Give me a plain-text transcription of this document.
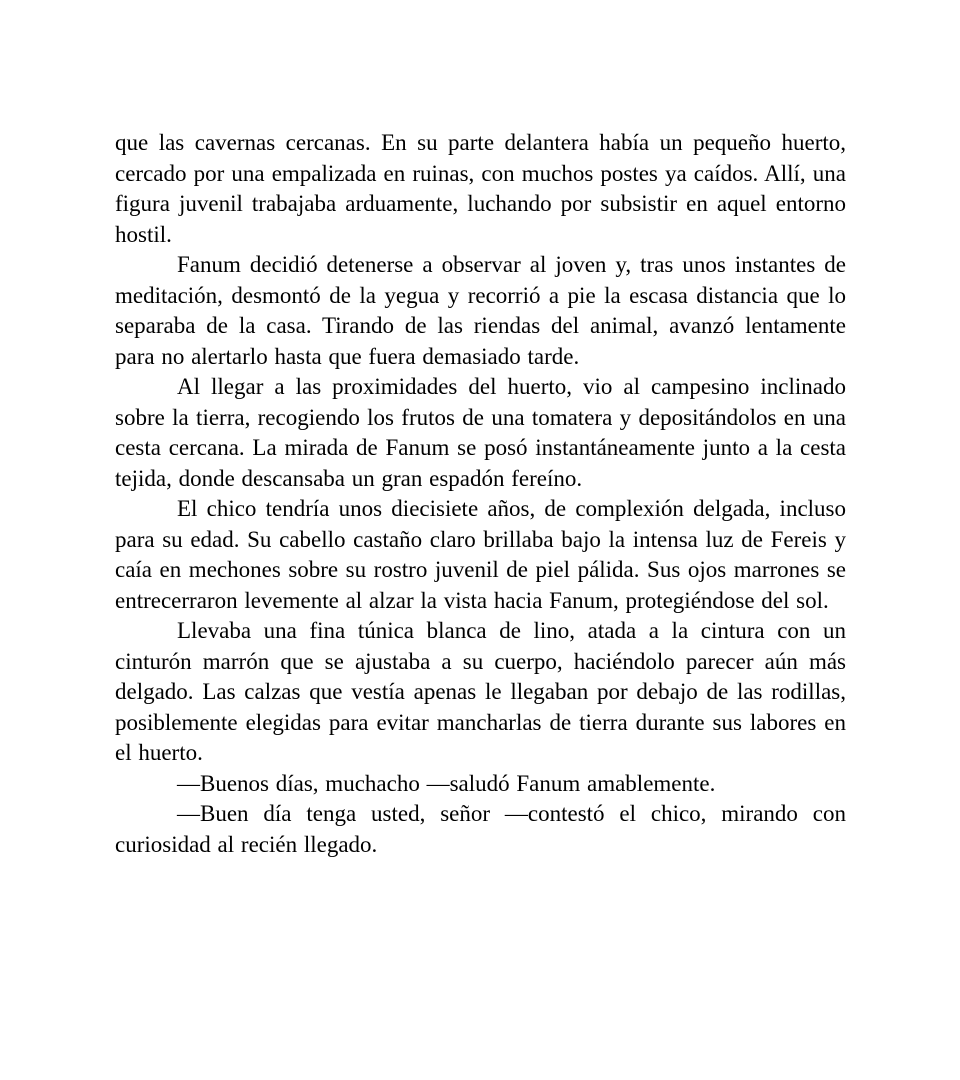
que las cavernas cercanas. En su parte delantera había un pequeño huerto, cercado por una empalizada en ruinas, con muchos postes ya caídos. Allí, una figura juvenil trabajaba arduamente, luchando por subsistir en aquel entorno hostil.

Fanum decidió detenerse a observar al joven y, tras unos instantes de meditación, desmontó de la yegua y recorrió a pie la escasa distancia que lo separaba de la casa. Tirando de las riendas del animal, avanzó lentamente para no alertarlo hasta que fuera demasiado tarde.

Al llegar a las proximidades del huerto, vio al campesino inclinado sobre la tierra, recogiendo los frutos de una tomatera y depositándolos en una cesta cercana. La mirada de Fanum se posó instantáneamente junto a la cesta tejida, donde descansaba un gran espadón fereíno.

El chico tendría unos diecisiete años, de complexión delgada, incluso para su edad. Su cabello castaño claro brillaba bajo la intensa luz de Fereis y caía en mechones sobre su rostro juvenil de piel pálida. Sus ojos marrones se entrecerraron levemente al alzar la vista hacia Fanum, protegiéndose del sol.

Llevaba una fina túnica blanca de lino, atada a la cintura con un cinturón marrón que se ajustaba a su cuerpo, haciéndolo parecer aún más delgado. Las calzas que vestía apenas le llegaban por debajo de las rodillas, posiblemente elegidas para evitar mancharlas de tierra durante sus labores en el huerto.

—Buenos días, muchacho —saludó Fanum amablemente.

—Buen día tenga usted, señor —contestó el chico, mirando con curiosidad al recién llegado.
